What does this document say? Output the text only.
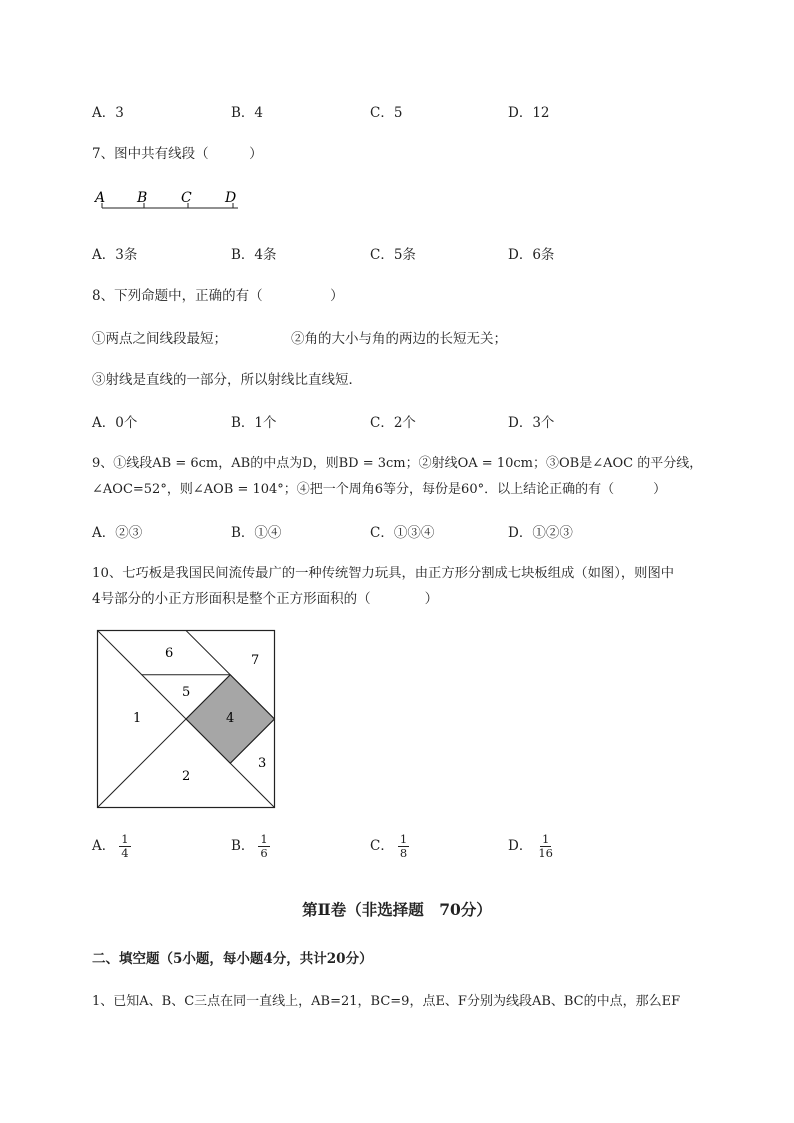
A．3	B．4	C．5	D．12
7、图中共有线段（　　　）
A B C D
A．3条	B．4条	C．5条	D．6条
8、下列命题中，正确的有（　　　　　）
①两点之间线段最短；	②角的大小与角的两边的长短无关；
③射线是直线的一部分，所以射线比直线短．
A．0个	B．1个	C．2个	D．3个
9、①线段AB = 6cm，AB的中点为D，则BD = 3cm；②射线OA = 10cm；③OB是∠AOC 的平分线，
∠AOC=52°，则∠AOB = 104°；④把一个周角6等分，每份是60°．以上结论正确的有（　　　）
A．②③	B．①④	C．①③④	D．①②③
10、七巧板是我国民间流传最广的一种传统智力玩具，由正方形分割成七块板组成（如图），则图中
4号部分的小正方形面积是整个正方形面积的（　　　　）
1
2
3
4
5
6	7
A． $\frac{1}{4}$	B． $\frac{1}{6}$	C． $\frac{1}{8}$	D． $\frac{1}{16}$
第Ⅱ卷（非选择题　70分）
二、填空题（5小题，每小题4分，共计20分）
1、已知A、B、C三点在同一直线上，AB=21，BC=9，点E、F分别为线段AB、BC的中点，那么EF
